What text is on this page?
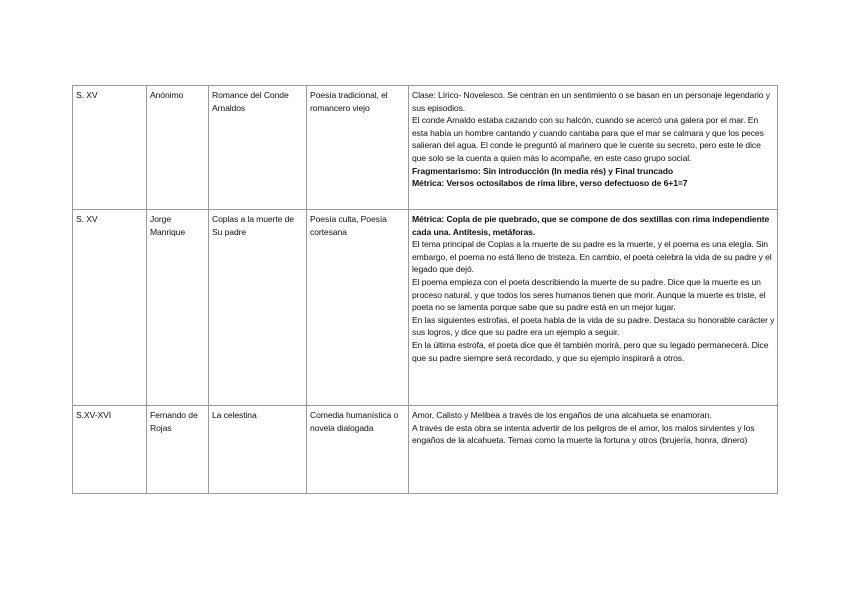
S. XV	Anónimo	Romance del Conde Arnaldos	Poesía tradicional, el romancero viejo	Clase: Lírico- Novelesco. Se centran en un sentimiento o se basan en un personaje legendario y sus episodios.

El conde Arnaldo estaba cazando con su halcón, cuando se acercó una galera por el mar. En esta había un hombre cantando y cuando cantaba para que el mar se calmara y que los peces salieran del agua. El conde le preguntó al marinero que le cuente su secreto, pero este le dice que solo se la cuenta a quien más lo acompañe, en este caso grupo social.

Fragmentarismo: Sin introducción (In media rés) y Final truncado

Métrica: Versos octosílabos de rima libre, verso defectuoso de 6+1=7

S. XV	Jorge Manrique	Coplas a la muerte de Su padre	Poesía culta, Poesía cortesana	Métrica: Copla de pie quebrado, que se compone de dos sextillas con rima independiente cada una. Antítesis, metáforas.

El tema principal de Coplas a la muerte de su padre es la muerte, y el poema es una elegía. Sin embargo, el poema no está lleno de tristeza. En cambio, el poeta celebra la vida de su padre y el legado que dejó.

El poema empieza con el poeta describiendo la muerte de su padre. Dice que la muerte es un proceso natural, y que todos los seres humanos tienen que morir. Aunque la muerte es triste, el poeta no se lamenta porque sabe que su padre está en un mejor lugar.

En las siguientes estrofas, el poeta habla de la vida de su padre. Destaca su honorable carácter y sus logros, y dice que su padre era un ejemplo a seguir.

En la última estrofa, el poeta dice que él también morirá, pero que su legado permanecerá. Dice que su padre siempre será recordado, y que su ejemplo inspirará a otros.

S.XV-XVI	Fernando de Rojas	La celestina	Comedia humanística o novela dialogada	Amor, Calisto y Melibea a través de los engaños de una alcahueta se enamoran.

A través de esta obra se intenta advertir de los peligros de el amor, los malos sirvientes y los engaños de la alcahueta. Temas como la muerte la fortuna y otros (brujería, honra, dinero)
